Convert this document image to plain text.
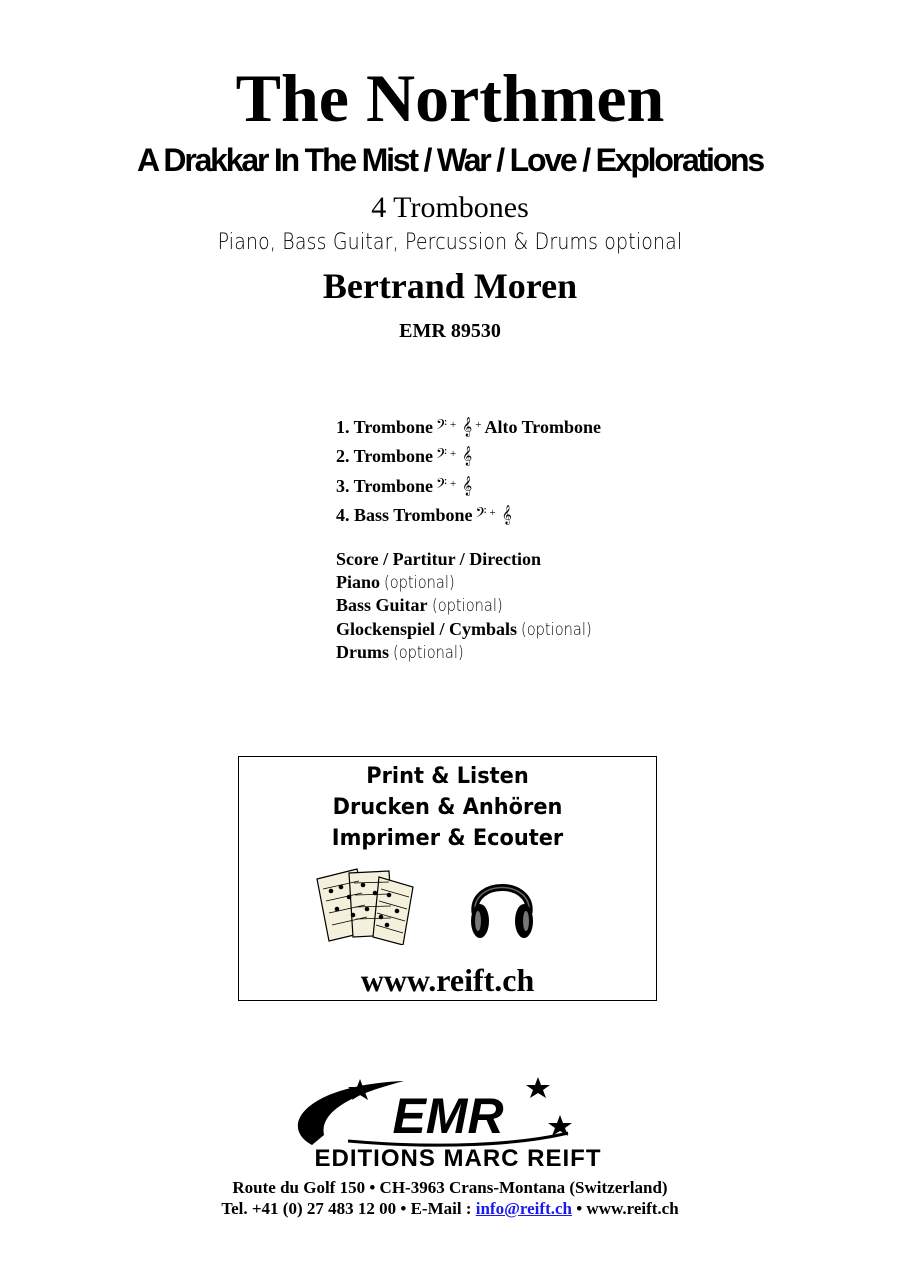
The Northmen
A Drakkar In The Mist / War / Love / Explorations
4 Trombones
Piano, Bass Guitar, Percussion & Drums optional
Bertrand Moren
EMR 89530
1. Trombone 𝄢 + 𝄞 + Alto Trombone
2. Trombone 𝄢 + 𝄞
3. Trombone 𝄢 + 𝄞
4. Bass Trombone 𝄢 + 𝄞
Score / Partitur / Direction
Piano (optional)
Bass Guitar (optional)
Glockenspiel / Cymbals (optional)
Drums (optional)
Print & Listen
Drucken & Anhören
Imprimer & Ecouter
www.reift.ch
EMR
EDITIONS MARC REIFT
Route du Golf 150 • CH-3963 Crans-Montana (Switzerland)
Tel. +41 (0) 27 483 12 00 • E-Mail : info@reift.ch • www.reift.ch
